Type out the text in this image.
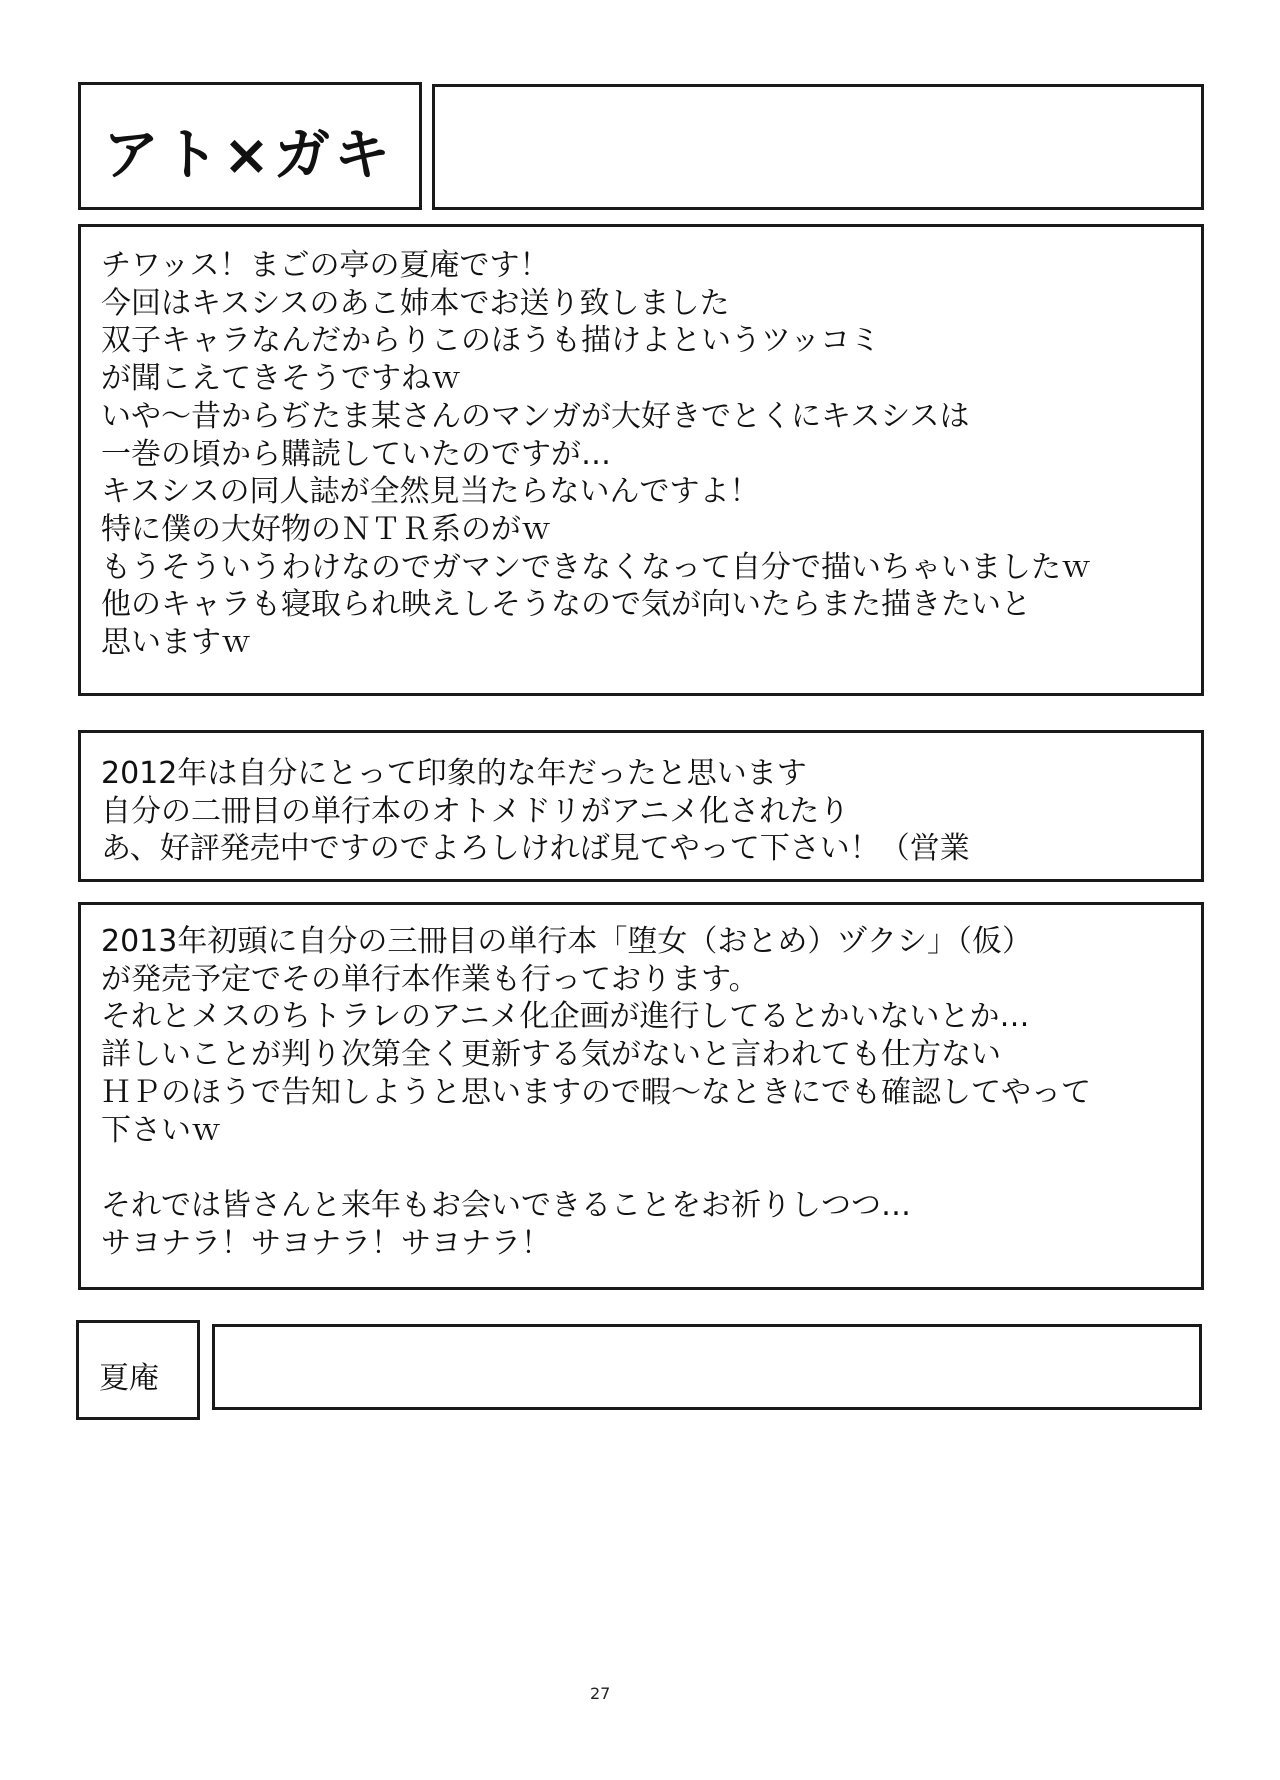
アト×ガキ
チワッス！まごの亭の夏庵です！
今回はキスシスのあこ姉本でお送り致しました
双子キャラなんだからりこのほうも描けよというツッコミ
が聞こえてきそうですねｗ
いや〜昔からぢたま某さんのマンガが大好きでとくにキスシスは
一巻の頃から購読していたのですが…
キスシスの同人誌が全然見当たらないんですよ！
特に僕の大好物のＮＴＲ系のがｗ
もうそういうわけなのでガマンできなくなって自分で描いちゃいましたｗ
他のキャラも寝取られ映えしそうなので気が向いたらまた描きたいと
思いますｗ
2012年は自分にとって印象的な年だったと思います
自分の二冊目の単行本のオトメドリがアニメ化されたり
あ、好評発売中ですのでよろしければ見てやって下さい！（営業
2013年初頭に自分の三冊目の単行本「堕女（おとめ）ヅクシ」（仮）
が発売予定でその単行本作業も行っております。
それとメスのちトラレのアニメ化企画が進行してるとかいないとか…
詳しいことが判り次第全く更新する気がないと言われても仕方ない
ＨＰのほうで告知しようと思いますので暇〜なときにでも確認してやって
下さいｗ

それでは皆さんと来年もお会いできることをお祈りしつつ…
サヨナラ！サヨナラ！サヨナラ！
夏庵
27
